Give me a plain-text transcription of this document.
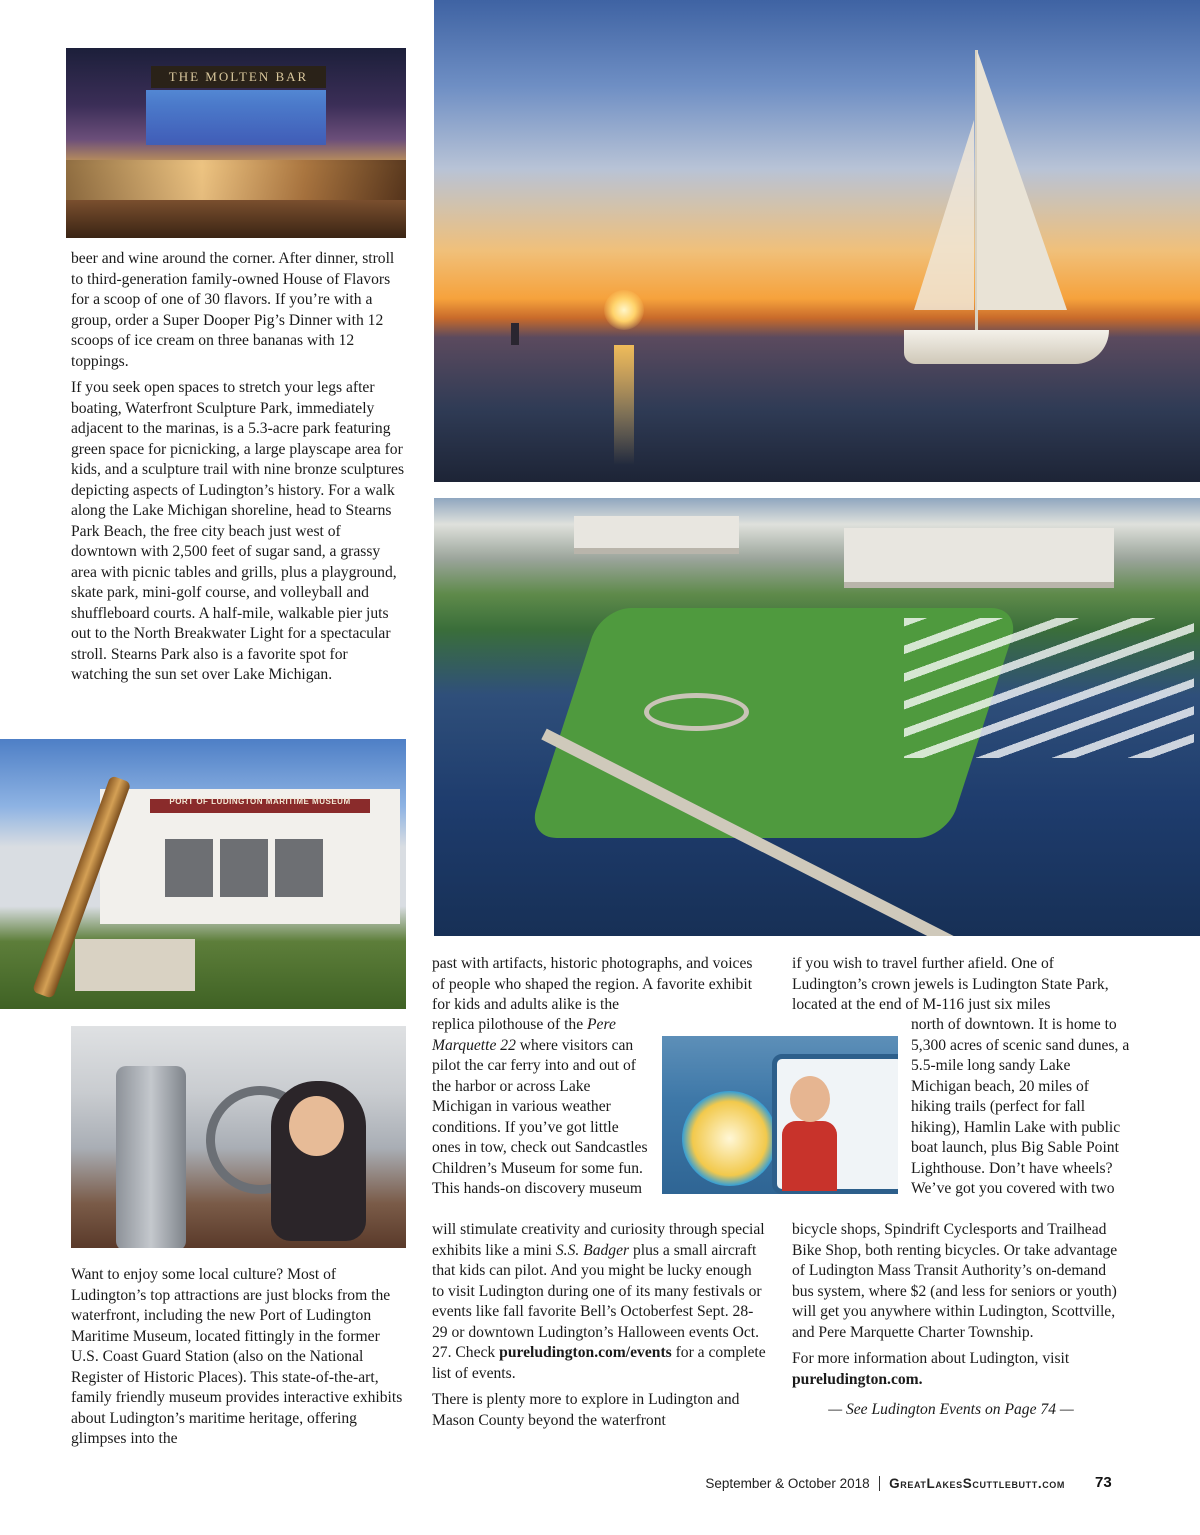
THE MOLTEN BAR
PORT OF LUDINGTON MARITIME MUSEUM

beer and wine around the corner. After dinner, stroll to third-generation family-owned House of Flavors for a scoop of one of 30 flavors. If you’re with a group, order a Super Dooper Pig’s Dinner with 12 scoops of ice cream on three bananas with 12 toppings.

If you seek open spaces to stretch your legs after boating, Waterfront Sculpture Park, immediately adjacent to the marinas, is a 5.3-acre park featuring green space for picnicking, a large playscape area for kids, and a sculpture trail with nine bronze sculptures depicting aspects of Ludington’s history. For a walk along the Lake Michigan shoreline, head to Stearns Park Beach, the free city beach just west of downtown with 2,500 feet of sugar sand, a grassy area with picnic tables and grills, plus a playground, skate park, mini-golf course, and volleyball and shuffleboard courts. A half-mile, walkable pier juts out to the North Breakwater Light for a spectacular stroll. Stearns Park also is a favorite spot for watching the sun set over Lake Michigan.

Want to enjoy some local culture? Most of Ludington’s top attractions are just blocks from the waterfront, including the new Port of Ludington Maritime Museum, located fittingly in the former U.S. Coast Guard Station (also on the National Register of Historic Places). This state-of-the-art, family friendly museum provides interactive exhibits about Ludington’s maritime heritage, offering glimpses into the

past with artifacts, historic photographs, and voices of people who shaped the region. A favorite exhibit for kids and adults alike is the

replica pilothouse of the Pere Marquette 22 where visitors can pilot the car ferry into and out of the harbor or across Lake Michigan in various weather conditions. If you’ve got little ones in tow, check out Sandcastles Children’s Museum for some fun. This hands-on discovery museum

will stimulate creativity and curiosity through special exhibits like a mini S.S. Badger plus a small aircraft that kids can pilot. And you might be lucky enough to visit Ludington during one of its many festivals or events like fall favorite Bell’s Octoberfest Sept. 28-29 or downtown Ludington’s Halloween events Oct. 27. Check pureludington.com/events for a complete list of events.

There is plenty more to explore in Ludington and Mason County beyond the waterfront

if you wish to travel further afield. One of Ludington’s crown jewels is Ludington State Park, located at the end of M-116 just six miles

north of downtown. It is home to 5,300 acres of scenic sand dunes, a 5.5-mile long sandy Lake Michigan beach, 20 miles of hiking trails (perfect for fall hiking), Hamlin Lake with public boat launch, plus Big Sable Point Lighthouse. Don’t have wheels? We’ve got you covered with two

bicycle shops, Spindrift Cyclesports and Trailhead Bike Shop, both renting bicycles. Or take advantage of Ludington Mass Transit Authority’s on-demand bus system, where $2 (and less for seniors or youth) will get you anywhere within Ludington, Scottville, and Pere Marquette Charter Township.

For more information about Ludington, visit pureludington.com.

— See Ludington Events on Page 74 —

September & October 2018 GreatLakesScuttlebutt.com 73
